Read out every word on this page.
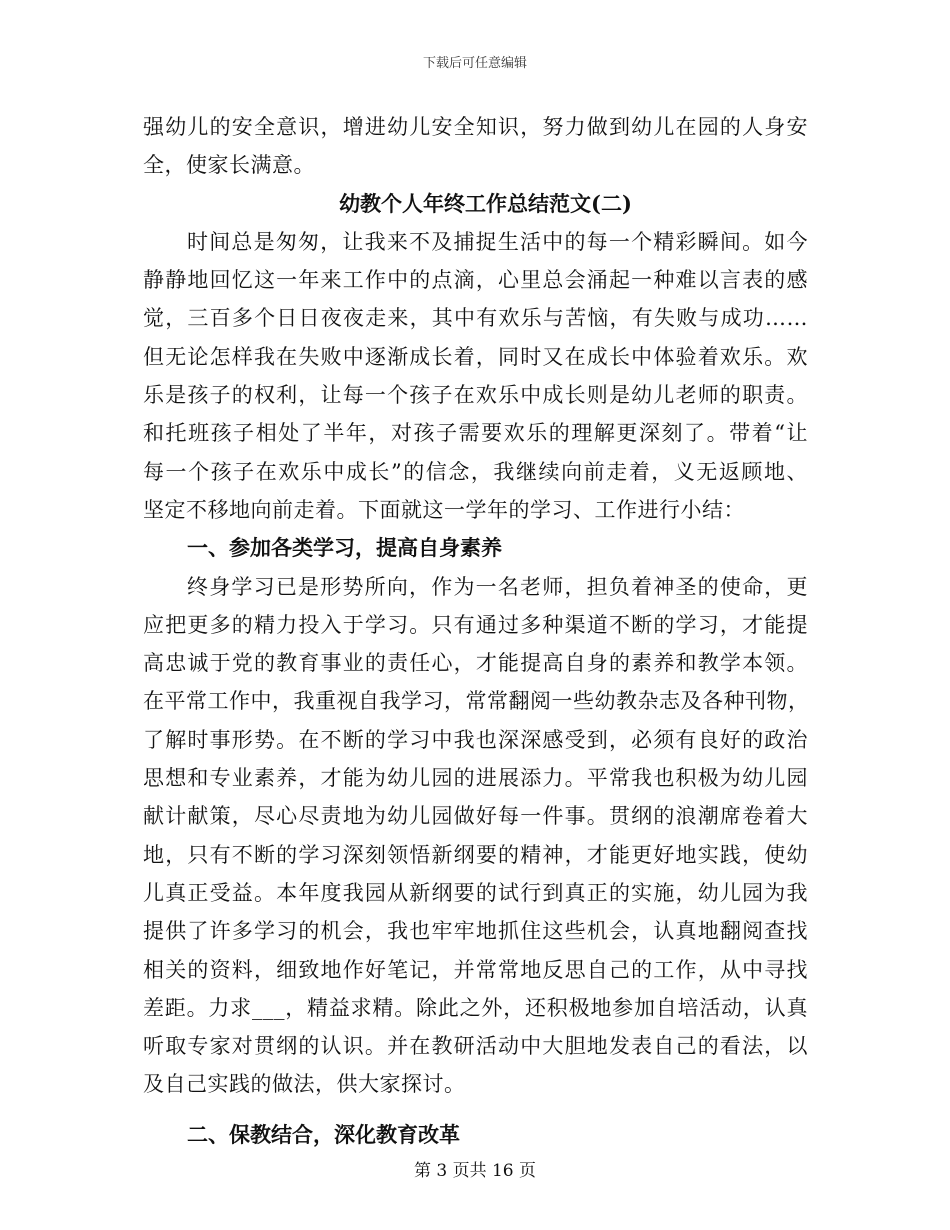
下载后可任意编辑

强幼儿的安全意识，增进幼儿安全知识，努力做到幼儿在园的人身安

全，使家长满意。

幼教个人年终工作总结范文(二)

时间总是匆匆，让我来不及捕捉生活中的每一个精彩瞬间。如今

静静地回忆这一年来工作中的点滴，心里总会涌起一种难以言表的感

觉，三百多个日日夜夜走来，其中有欢乐与苦恼，有失败与成功……

但无论怎样我在失败中逐渐成长着，同时又在成长中体验着欢乐。欢

乐是孩子的权利，让每一个孩子在欢乐中成长则是幼儿老师的职责。

和托班孩子相处了半年，对孩子需要欢乐的理解更深刻了。带着“让

每一个孩子在欢乐中成长”的信念，我继续向前走着，义无返顾地、

坚定不移地向前走着。下面就这一学年的学习、工作进行小结：

一、参加各类学习，提高自身素养

终身学习已是形势所向，作为一名老师，担负着神圣的使命，更

应把更多的精力投入于学习。只有通过多种渠道不断的学习，才能提

高忠诚于党的教育事业的责任心，才能提高自身的素养和教学本领。

在平常工作中，我重视自我学习，常常翻阅一些幼教杂志及各种刊物，

了解时事形势。在不断的学习中我也深深感受到，必须有良好的政治

思想和专业素养，才能为幼儿园的进展添力。平常我也积极为幼儿园

献计献策，尽心尽责地为幼儿园做好每一件事。贯纲的浪潮席卷着大

地，只有不断的学习深刻领悟新纲要的精神，才能更好地实践，使幼

儿真正受益。本年度我园从新纲要的试行到真正的实施，幼儿园为我

提供了许多学习的机会，我也牢牢地抓住这些机会，认真地翻阅查找

相关的资料，细致地作好笔记，并常常地反思自己的工作，从中寻找

差距。力求___，精益求精。除此之外，还积极地参加自培活动，认真

听取专家对贯纲的认识。并在教研活动中大胆地发表自己的看法，以

及自己实践的做法，供大家探讨。

二、保教结合，深化教育改革

第 3 页共 16 页
